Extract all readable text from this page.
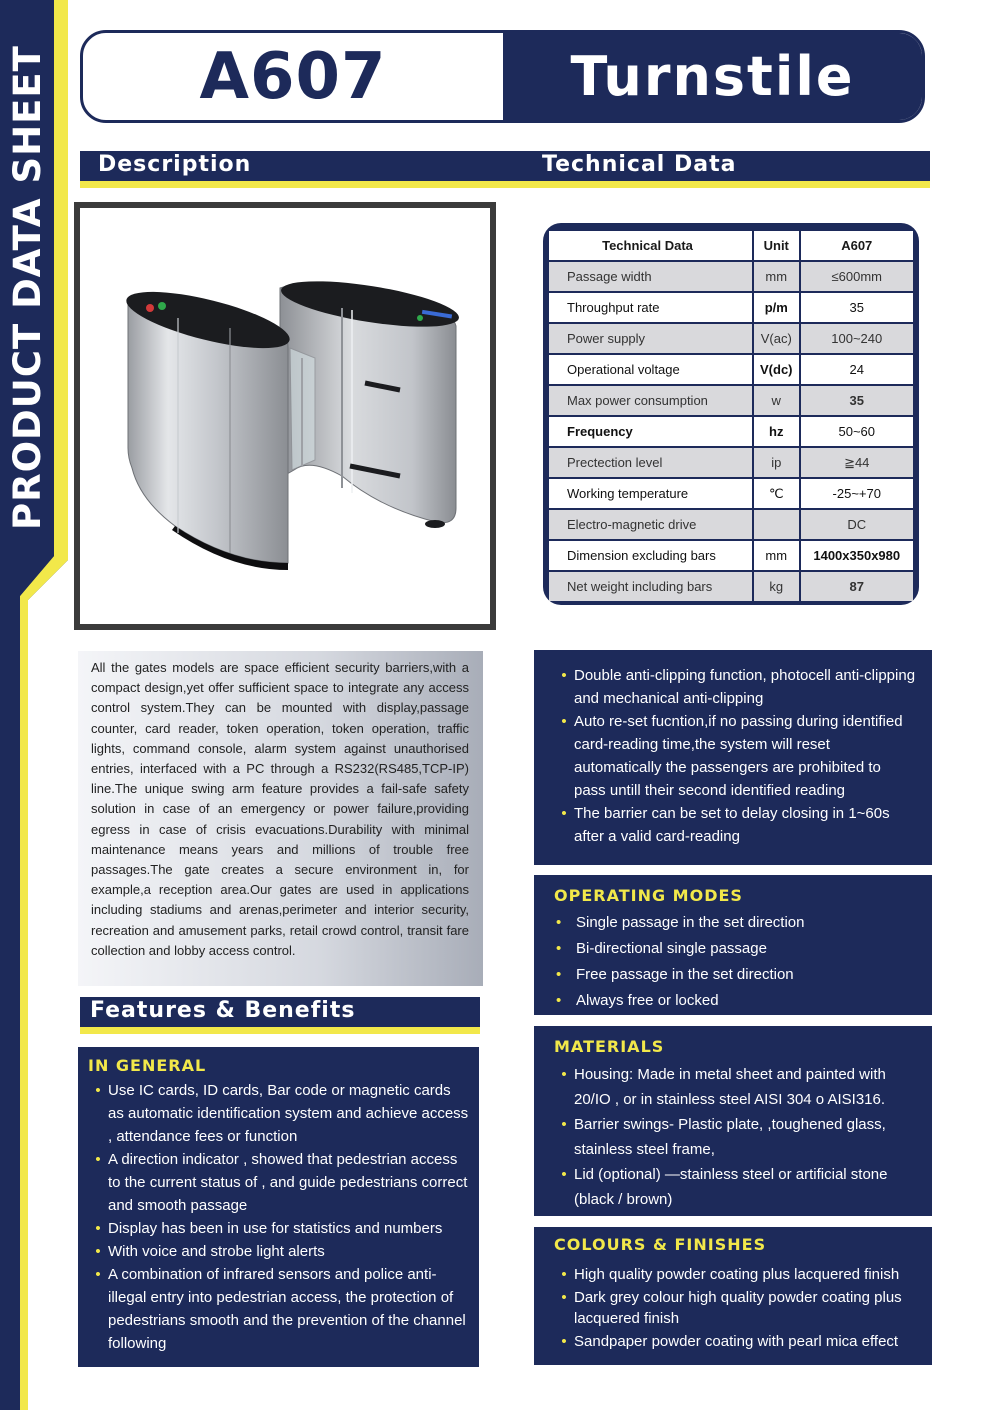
PRODUCT DATA SHEET A607	Turnstile
Description	Technical Data
Technical Data	Unit	A607
Passage width	mm	≤600mm
Throughput rate	p/m	35
Power supply	V(ac)	100~240
Operational voltage	V(dc)	24
Max power consumption	w	35
Frequency	hz	50~60
Prectection level	ip	≧44
Working temperature	℃	-25~+70
Electro-magnetic drive		DC
Dimension excluding bars	mm	1400x350x980
Net weight including bars	kg	87

All the gates models are space efficient security barriers,with a compact design,yet offer sufficient space to integrate any access control system.They can be mounted with display,passage counter, card reader, token operation, token operation, traffic lights, command console, alarm system against unauthorised entries, interfaced with a PC through a RS232(RS485,TCP-IP) line.The unique swing arm feature provides a fail-safe safety solution in case of an emergency or power failure,providing egress in case of crisis evacuations.Durability with minimal maintenance means years and millions of trouble free passages.The gate creates a secure environment in, for example,a reception area.Our gates are used in applications including stadiums and arenas,perimeter and interior security, recreation and amusement parks, retail crowd control, transit fare collection and lobby access control.

Features & Benefits
IN GENERAL
• Use IC cards, ID cards, Bar code or magnetic cards as automatic identification system and achieve access , attendance fees or function
• A direction indicator , showed that pedestrian access to the current status of , and guide pedestrians correct and smooth passage
• Display has been in use for statistics and numbers
• With voice and strobe light alerts
• A combination of infrared sensors and police anti-illegal entry into pedestrian access, the protection of pedestrians smooth and the prevention of the channel following
• Double anti-clipping function, photocell anti-clipping and mechanical anti-clipping
• Auto re-set fucntion,if no passing during identified card-reading time,the system will reset automatically the passengers are prohibited to pass untill their second identified reading
• The barrier can be set to delay closing in 1~60s after a valid card-reading
OPERATING MODES
• Single passage in the set direction
• Bi-directional single passage
• Free passage in the set direction
• Always free or locked
MATERIALS
• Housing: Made in metal sheet and painted with 20/IO , or in stainless steel AISI 304 o AISI316.
• Barrier swings- Plastic plate, ,toughened glass, stainless steel frame,
• Lid (optional) —stainless steel or artificial stone (black / brown)
COLOURS & FINISHES
• High quality powder coating plus lacquered finish
• Dark grey colour high quality powder coating plus lacquered finish
• Sandpaper powder coating with pearl mica effect
